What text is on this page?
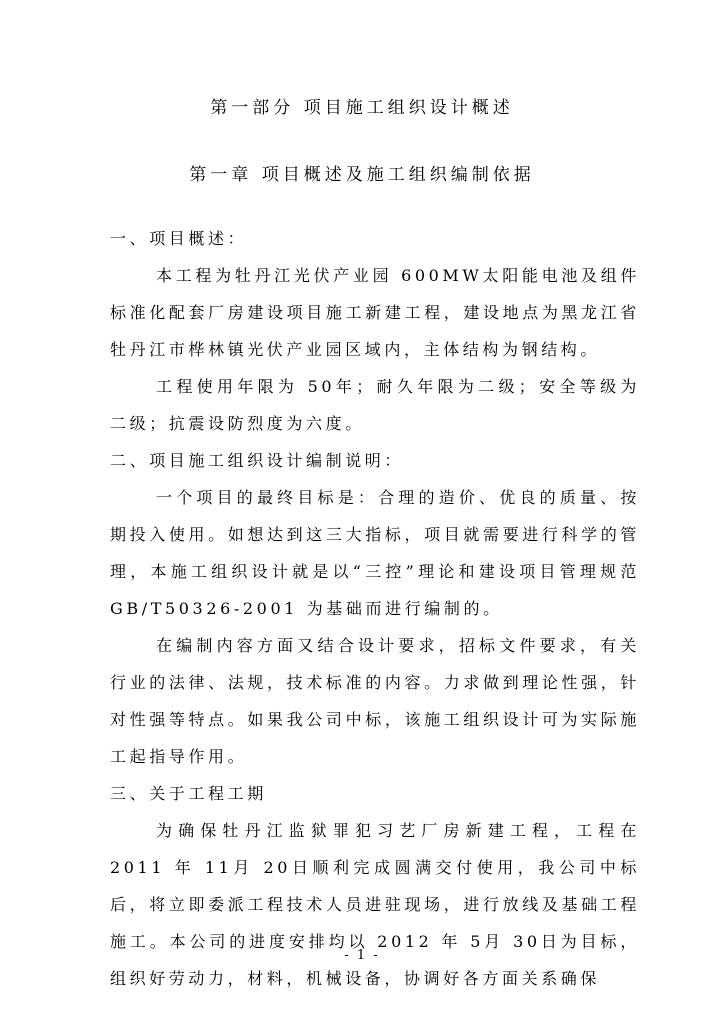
第一部分 项目施工组织设计概述
第一章 项目概述及施工组织编制依据

一、项目概述：

本工程为牡丹江光伏产业园 600MW太阳能电池及组件标准化配套厂房建设项目施工新建工程，建设地点为黑龙江省牡丹江市桦林镇光伏产业园区域内，主体结构为钢结构。

工程使用年限为 50年；耐久年限为二级；安全等级为二级；抗震设防烈度为六度。

二、项目施工组织设计编制说明：

一个项目的最终目标是：合理的造价、优良的质量、按期投入使用。如想达到这三大指标，项目就需要进行科学的管理，本施工组织设计就是以“三控”理论和建设项目管理规范 GB/T50326-2001 为基础而进行编制的。

在编制内容方面又结合设计要求，招标文件要求，有关行业的法律、法规，技术标准的内容。力求做到理论性强，针对性强等特点。如果我公司中标，该施工组织设计可为实际施工起指导作用。

三、关于工程工期

为确保牡丹江监狱罪犯习艺厂房新建工程，工程在 2011 年 11月 20日顺利完成圆满交付使用，我公司中标后，将立即委派工程技术人员进驻现场，进行放线及基础工程施工。本公司的进度安排均以 2012 年 5月 30日为目标，组织好劳动力，材料，机械设备，协调好各方面关系确保

- 1 -
